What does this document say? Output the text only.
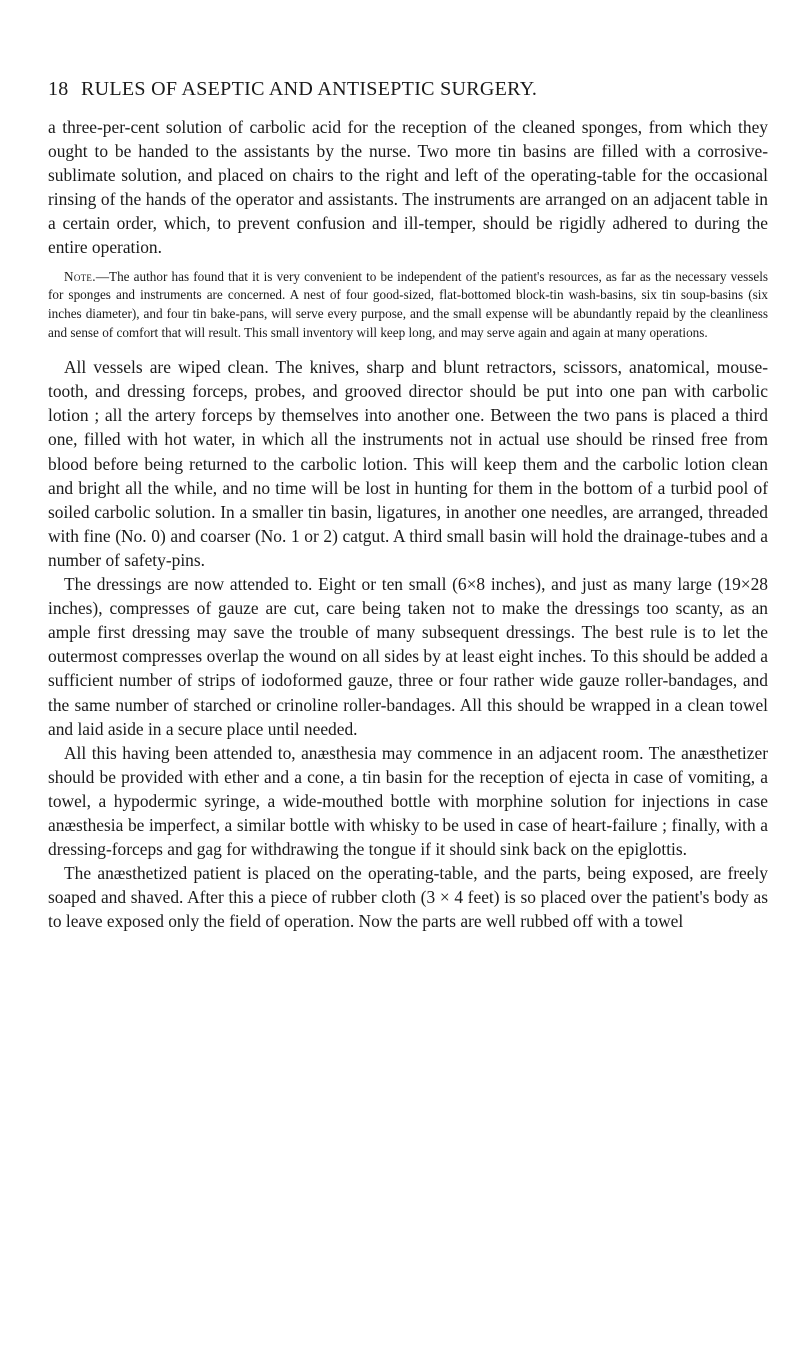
18 RULES OF ASEPTIC AND ANTISEPTIC SURGERY.

a three-per-cent solution of carbolic acid for the reception of the cleaned sponges, from which they ought to be handed to the assistants by the nurse. Two more tin basins are filled with a corrosive-sublimate solution, and placed on chairs to the right and left of the operating-table for the occasional rinsing of the hands of the operator and assistants. The instruments are arranged on an adjacent table in a certain order, which, to prevent confusion and ill-temper, should be rigidly adhered to during the entire operation.

Note.—The author has found that it is very convenient to be independent of the patient's resources, as far as the necessary vessels for sponges and instruments are concerned. A nest of four good-sized, flat-bottomed block-tin wash-basins, six tin soup-basins (six inches diameter), and four tin bake-pans, will serve every purpose, and the small expense will be abundantly repaid by the cleanliness and sense of comfort that will result. This small inventory will keep long, and may serve again and again at many operations.

All vessels are wiped clean. The knives, sharp and blunt retractors, scissors, anatomical, mouse-tooth, and dressing forceps, probes, and grooved director should be put into one pan with carbolic lotion ; all the artery forceps by themselves into another one. Between the two pans is placed a third one, filled with hot water, in which all the instruments not in actual use should be rinsed free from blood before being returned to the carbolic lotion. This will keep them and the carbolic lotion clean and bright all the while, and no time will be lost in hunting for them in the bottom of a turbid pool of soiled carbolic solution. In a smaller tin basin, ligatures, in another one needles, are arranged, threaded with fine (No. 0) and coarser (No. 1 or 2) catgut. A third small basin will hold the drainage-tubes and a number of safety-pins.

The dressings are now attended to. Eight or ten small (6×8 inches), and just as many large (19×28 inches), compresses of gauze are cut, care being taken not to make the dressings too scanty, as an ample first dressing may save the trouble of many subsequent dressings. The best rule is to let the outermost compresses overlap the wound on all sides by at least eight inches. To this should be added a sufficient number of strips of iodoformed gauze, three or four rather wide gauze roller-bandages, and the same number of starched or crinoline roller-bandages. All this should be wrapped in a clean towel and laid aside in a secure place until needed.

All this having been attended to, anæsthesia may commence in an adjacent room. The anæsthetizer should be provided with ether and a cone, a tin basin for the reception of ejecta in case of vomiting, a towel, a hypodermic syringe, a wide-mouthed bottle with morphine solution for injections in case anæsthesia be imperfect, a similar bottle with whisky to be used in case of heart-failure ; finally, with a dressing-forceps and gag for withdrawing the tongue if it should sink back on the epiglottis.

The anæsthetized patient is placed on the operating-table, and the parts, being exposed, are freely soaped and shaved. After this a piece of rubber cloth (3 × 4 feet) is so placed over the patient's body as to leave exposed only the field of operation. Now the parts are well rubbed off with a towel
